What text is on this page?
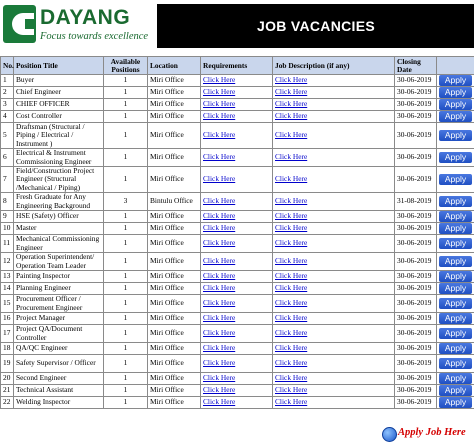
DAYANG
Focus towards excellence
JOB VACANCIES
No.	Position Title	Available Positions	Location	Requirements	Job Description (if any)	Closing Date	
1	Buyer	1	Miri Office	Click Here	Click Here	30-06-2019	Apply

2	Chief Engineer	1	Miri Office	Click Here	Click Here	30-06-2019	Apply

3	CHIEF OFFICER	1	Miri Office	Click Here	Click Here	30-06-2019	Apply

4	Cost Controller	1	Miri Office	Click Here	Click Here	30-06-2019	Apply

5	Draftsman (Structural / Piping / Electrical / Instrument )	1	Miri Office	Click Here	Click Here	30-06-2019	Apply

6	Electrical & Instrument Commissioning Engineer	1	Miri Office	Click Here	Click Here	30-06-2019	Apply

7	Field/Construction Project Engineer (Structural /Mechanical / Piping)	1	Miri Office	Click Here	Click Here	30-06-2019	Apply

8	Fresh Graduate for Any Engineering Background	3	Bintulu Office	Click Here	Click Here	31-08-2019	Apply

9	HSE (Safety) Officer	1	Miri Office	Click Here	Click Here	30-06-2019	Apply

10	Master	1	Miri Office	Click Here	Click Here	30-06-2019	Apply

11	Mechanical Commissioning Engineer	1	Miri Office	Click Here	Click Here	30-06-2019	Apply

12	Operation Superintendent/ Operation Team Leader	1	Miri Office	Click Here	Click Here	30-06-2019	Apply

13	Painting Inspector	1	Miri Office	Click Here	Click Here	30-06-2019	Apply

14	Planning Engineer	1	Miri Office	Click Here	Click Here	30-06-2019	Apply

15	Procurement Officer / Procurement Engineer	1	Miri Office	Click Here	Click Here	30-06-2019	Apply

16	Project Manager	1	Miri Office	Click Here	Click Here	30-06-2019	Apply

17	Project QA/Document Controller	1	Miri Office	Click Here	Click Here	30-06-2019	Apply

18	QA/QC Engineer	1	Miri Office	Click Here	Click Here	30-06-2019	Apply

19	Safety Supervisor / Officer	1	Miri Office	Click Here	Click Here	30-06-2019	Apply

20	Second Engineer	1	Miri Office	Click Here	Click Here	30-06-2019	Apply

21	Technical Assistant	1	Miri Office	Click Here	Click Here	30-06-2019	Apply

22	Welding Inspector	1	Miri Office	Click Here	Click Here	30-06-2019	Apply
Apply Job Here
